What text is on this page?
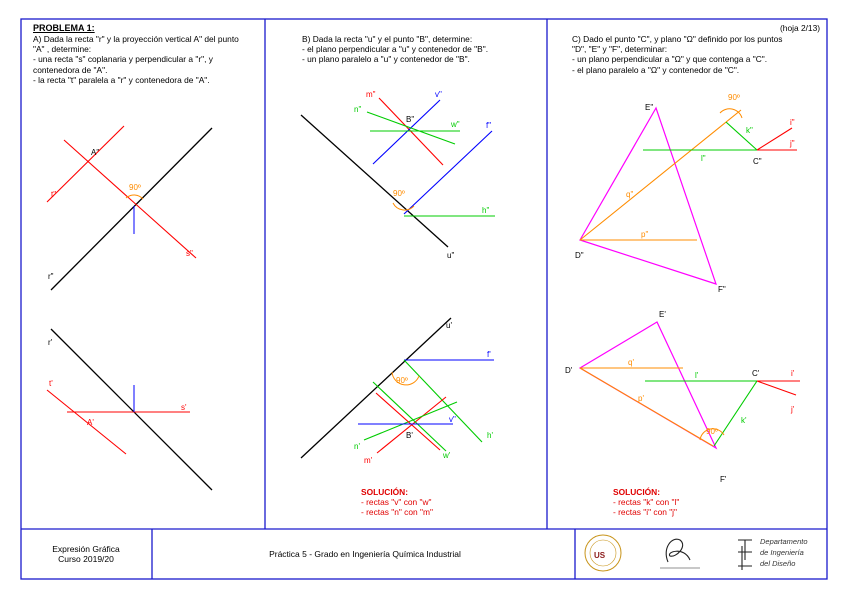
A"
t"
r"
s"
90º
r'
t'
A'
s'
m"	v"
n"
B"
w"	f"
90º
h"
u"
u'
f'
90º
v"
h'
B'
n'
w'
m'
E"
90º
k"
i"
j"
l"	C"
q"
p"
D"
F"
E'
D'
q'
l'	C'	i'
j'
p'
k'
90º
F'
US
PROBLEMA 1:
A) Dada la recta "r" y la proyección vertical A" del punto
"A" , determine:
- una recta "s" coplanaria y perpendicular a "r", y
contenedora de "A".
- la recta "t" paralela a "r" y contenedora de "A".
B) Dada la recta "u" y el punto "B", determine:
- el plano perpendicular a "u" y contenedor de "B".
- un plano paralelo a "u" y contenedor de "B".
C) Dado el punto "C", y plano "Ω" definido por los puntos
"D", "E" y "F", determinar:
- un plano perpendicular a "Ω" y que contenga a "C".
- el plano paralelo a "Ω" y contenedor de "C".
(hoja 2/13)
SOLUCIÓN:
- rectas "v" con "w"
- rectas "n" con "m"
SOLUCIÓN:
- rectas "k" con "l"
- rectas "i" con "j"
Expresión Gráfica
Curso 2019/20	Práctica 5 - Grado en Ingeniería Química Industrial
Departamento
de Ingeniería
del Diseño
